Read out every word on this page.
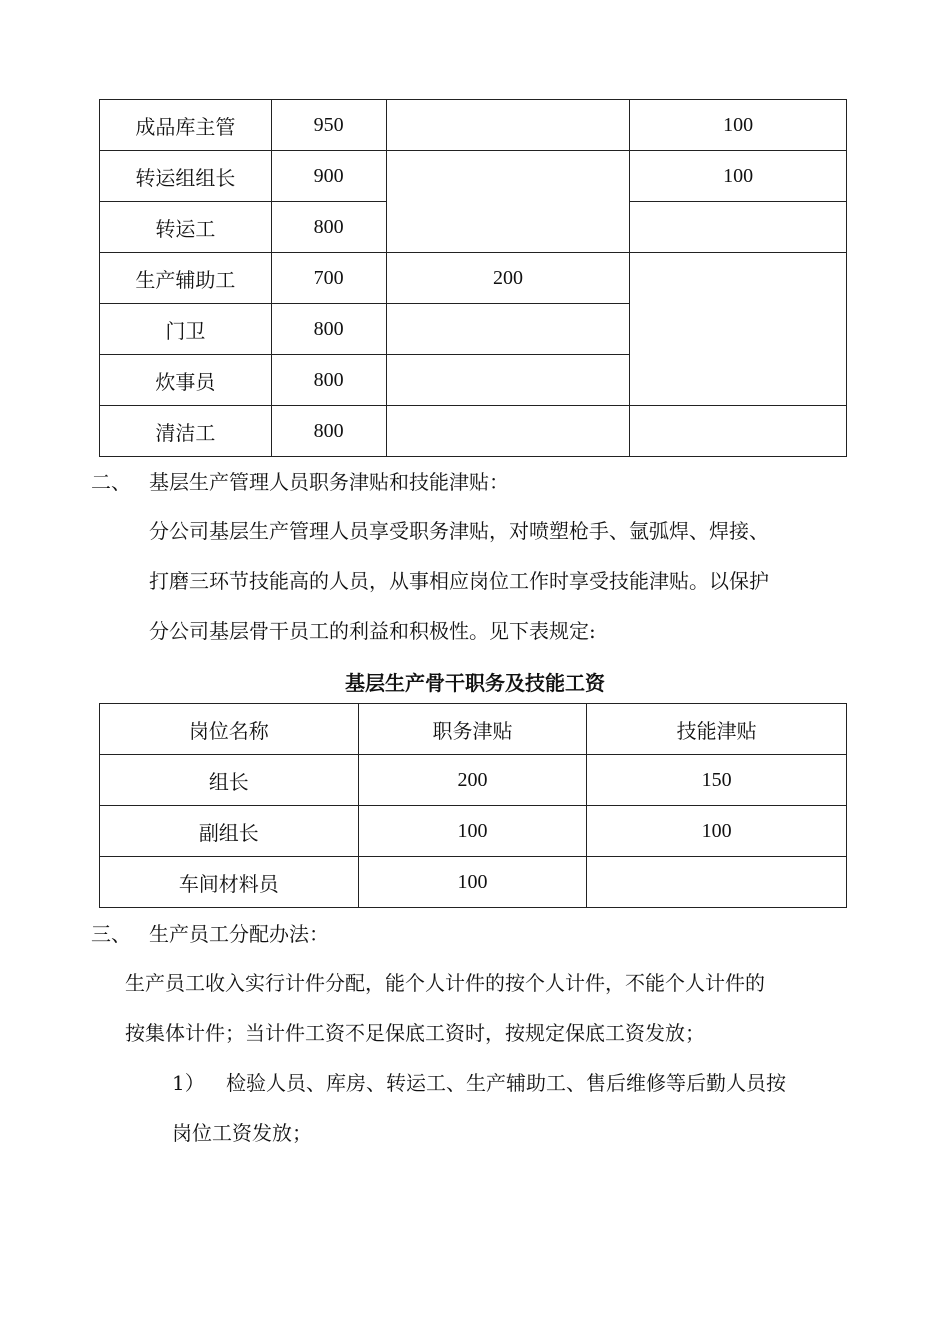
成品库主管	950		100
转运组组长	900		100
转运工	800		
生产辅助工	700	200	
门卫	800		
炊事员	800		
清洁工	800		
二、 基层生产管理人员职务津贴和技能津贴：
分公司基层生产管理人员享受职务津贴，对喷塑枪手、氩弧焊、焊接、
打磨三环节技能高的人员，从事相应岗位工作时享受技能津贴。以保护
分公司基层骨干员工的利益和积极性。见下表规定:
基层生产骨干职务及技能工资
岗位名称	职务津贴	技能津贴
组长	200	150
副组长	100	100
车间材料员	100	
三、 生产员工分配办法：
生产员工收入实行计件分配，能个人计件的按个人计件，不能个人计件的
按集体计件；当计件工资不足保底工资时，按规定保底工资发放；
1） 检验人员、库房、转运工、生产辅助工、售后维修等后勤人员按
岗位工资发放；
